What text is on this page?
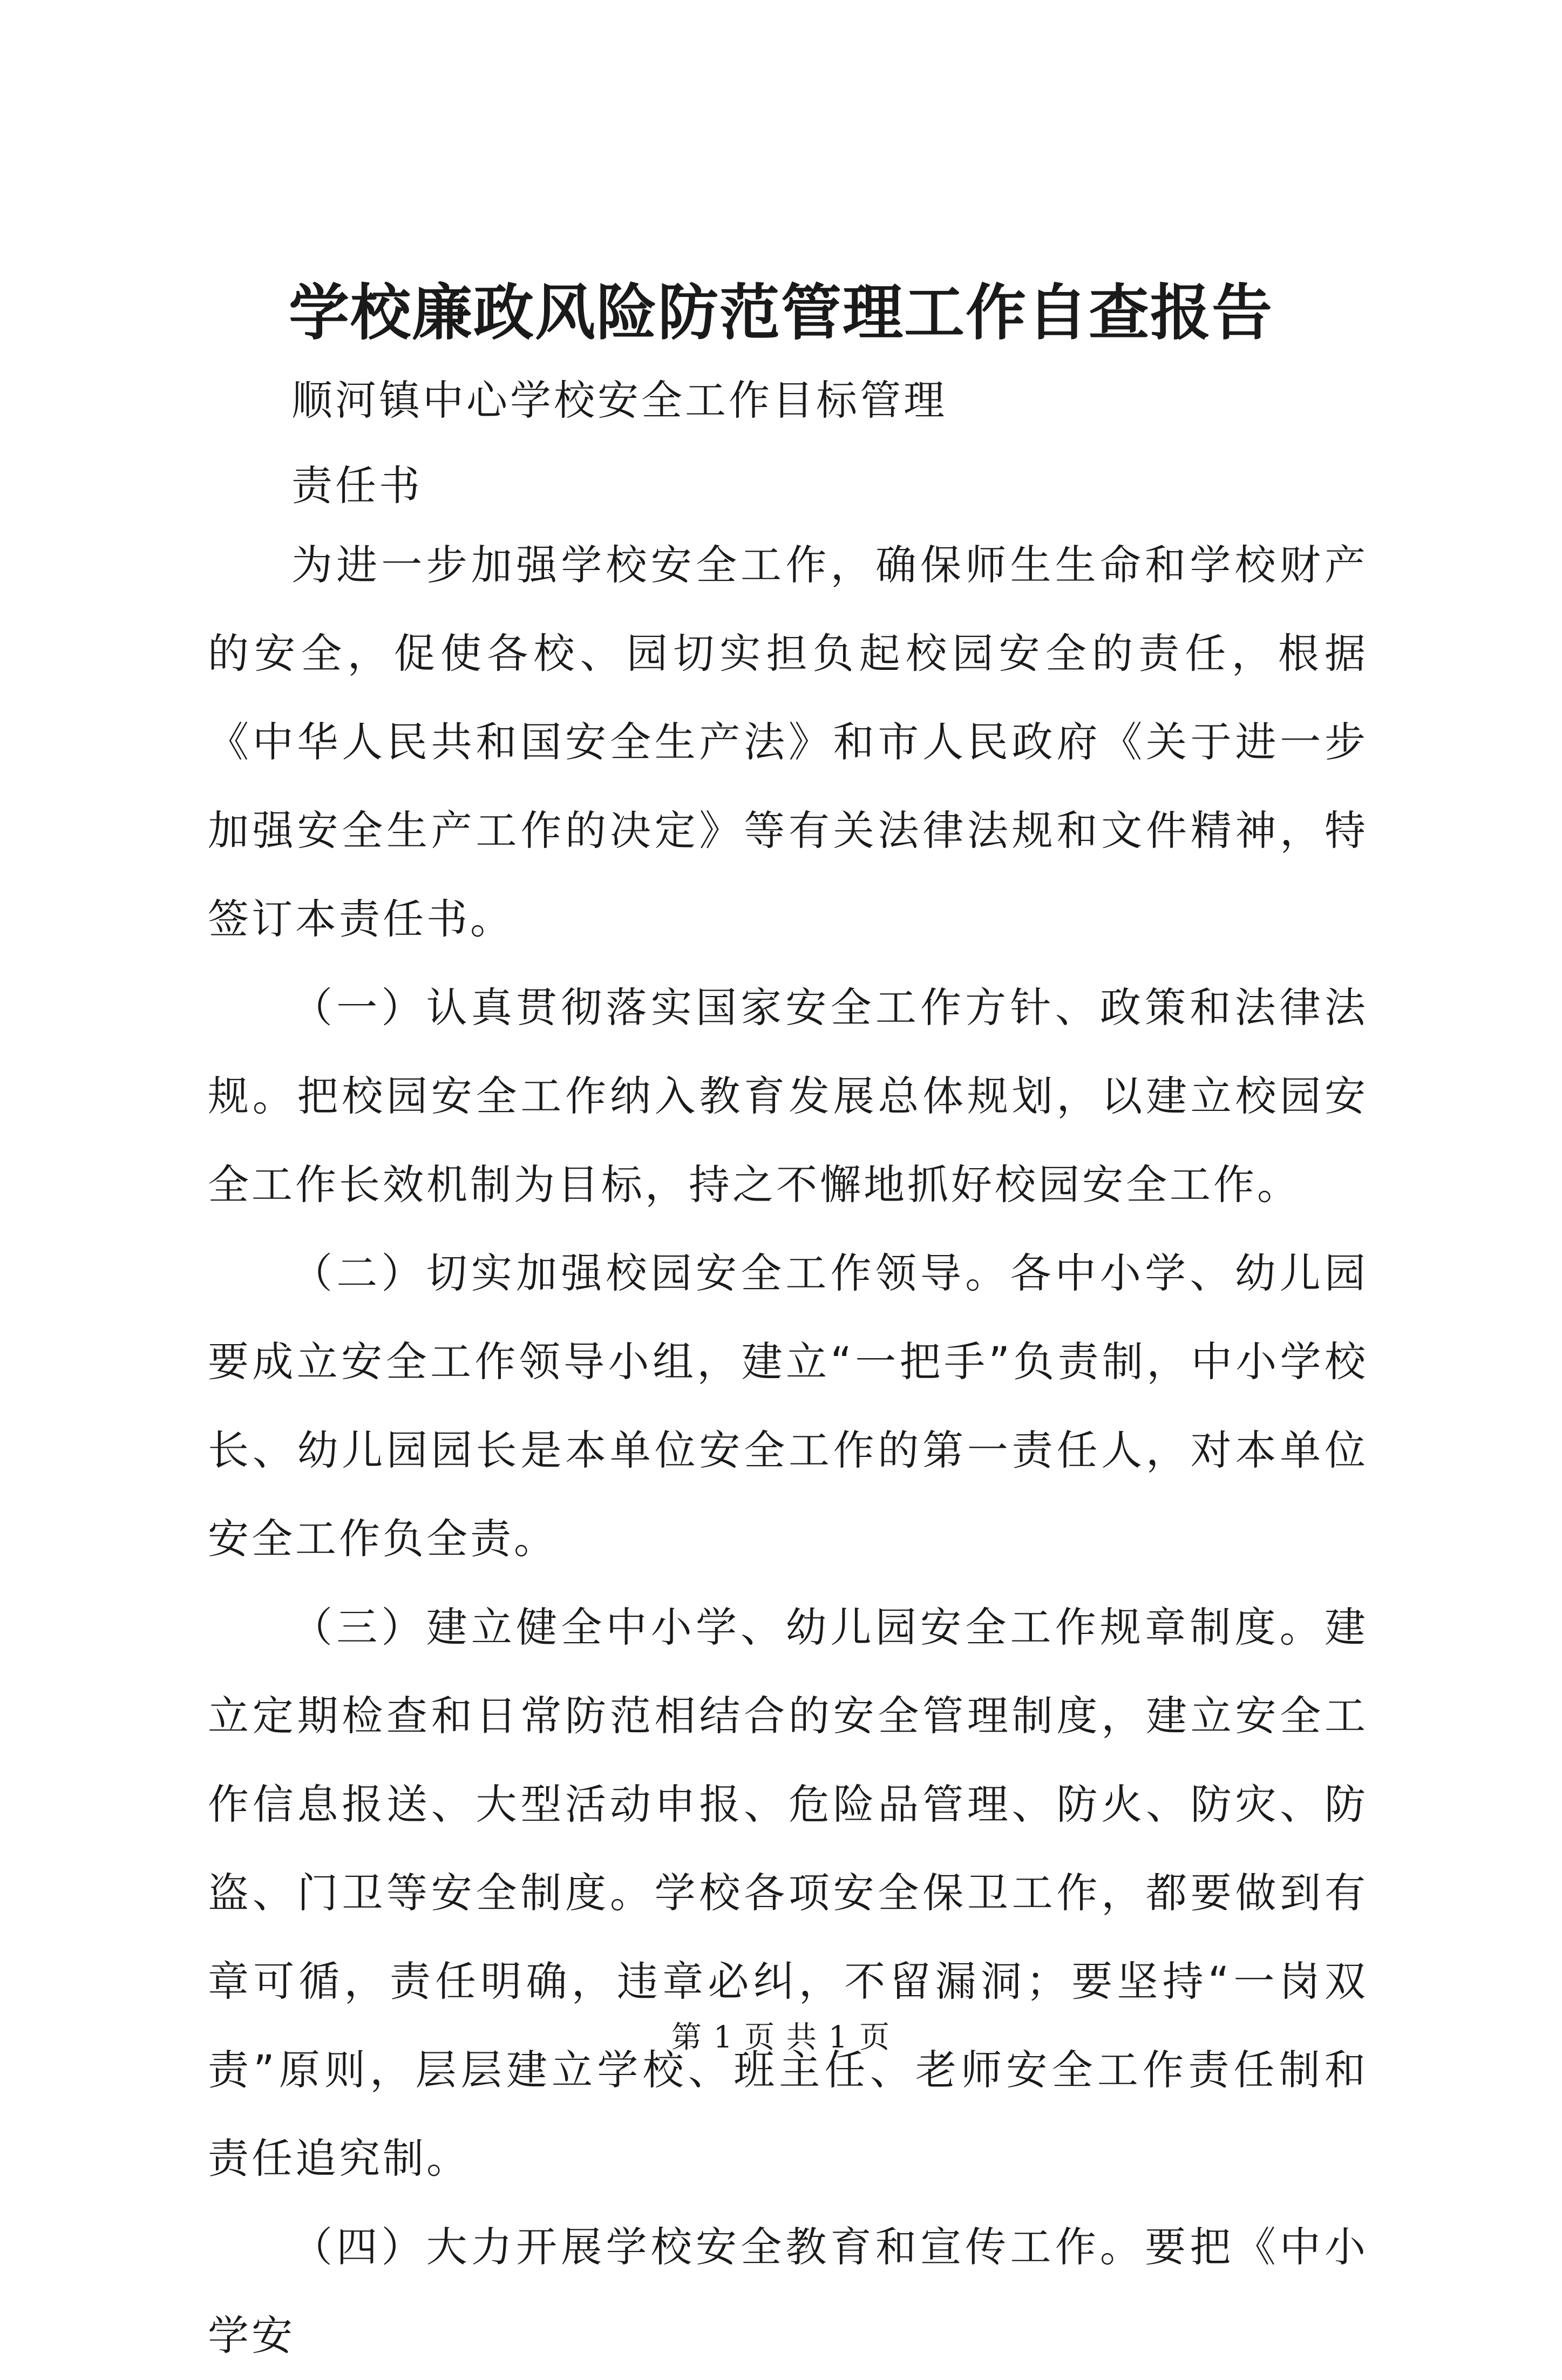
学校廉政风险防范管理工作自查报告
顺河镇中心学校安全工作目标管理
责任书

为进一步加强学校安全工作，确保师生生命和学校财产的安全，促使各校、园切实担负起校园安全的责任，根据《中华人民共和国安全生产法》和市人民政府《关于进一步加强安全生产工作的决定》等有关法律法规和文件精神，特签订本责任书。

（一）认真贯彻落实国家安全工作方针、政策和法律法规。把校园安全工作纳入教育发展总体规划，以建立校园安全工作长效机制为目标，持之不懈地抓好校园安全工作。

（二）切实加强校园安全工作领导。各中小学、幼儿园要成立安全工作领导小组，建立“一把手”负责制，中小学校长、幼儿园园长是本单位安全工作的第一责任人，对本单位安全工作负全责。

（三）建立健全中小学、幼儿园安全工作规章制度。建立定期检查和日常防范相结合的安全管理制度，建立安全工作信息报送、大型活动申报、危险品管理、防火、防灾、防盗、门卫等安全制度。学校各项安全保卫工作，都要做到有章可循，责任明确，违章必纠，不留漏洞；要坚持“一岗双责”原则，层层建立学校、班主任、老师安全工作责任制和责任追究制。

（四）大力开展学校安全教育和宣传工作。要把《中小学安

第 1 页 共 1 页
